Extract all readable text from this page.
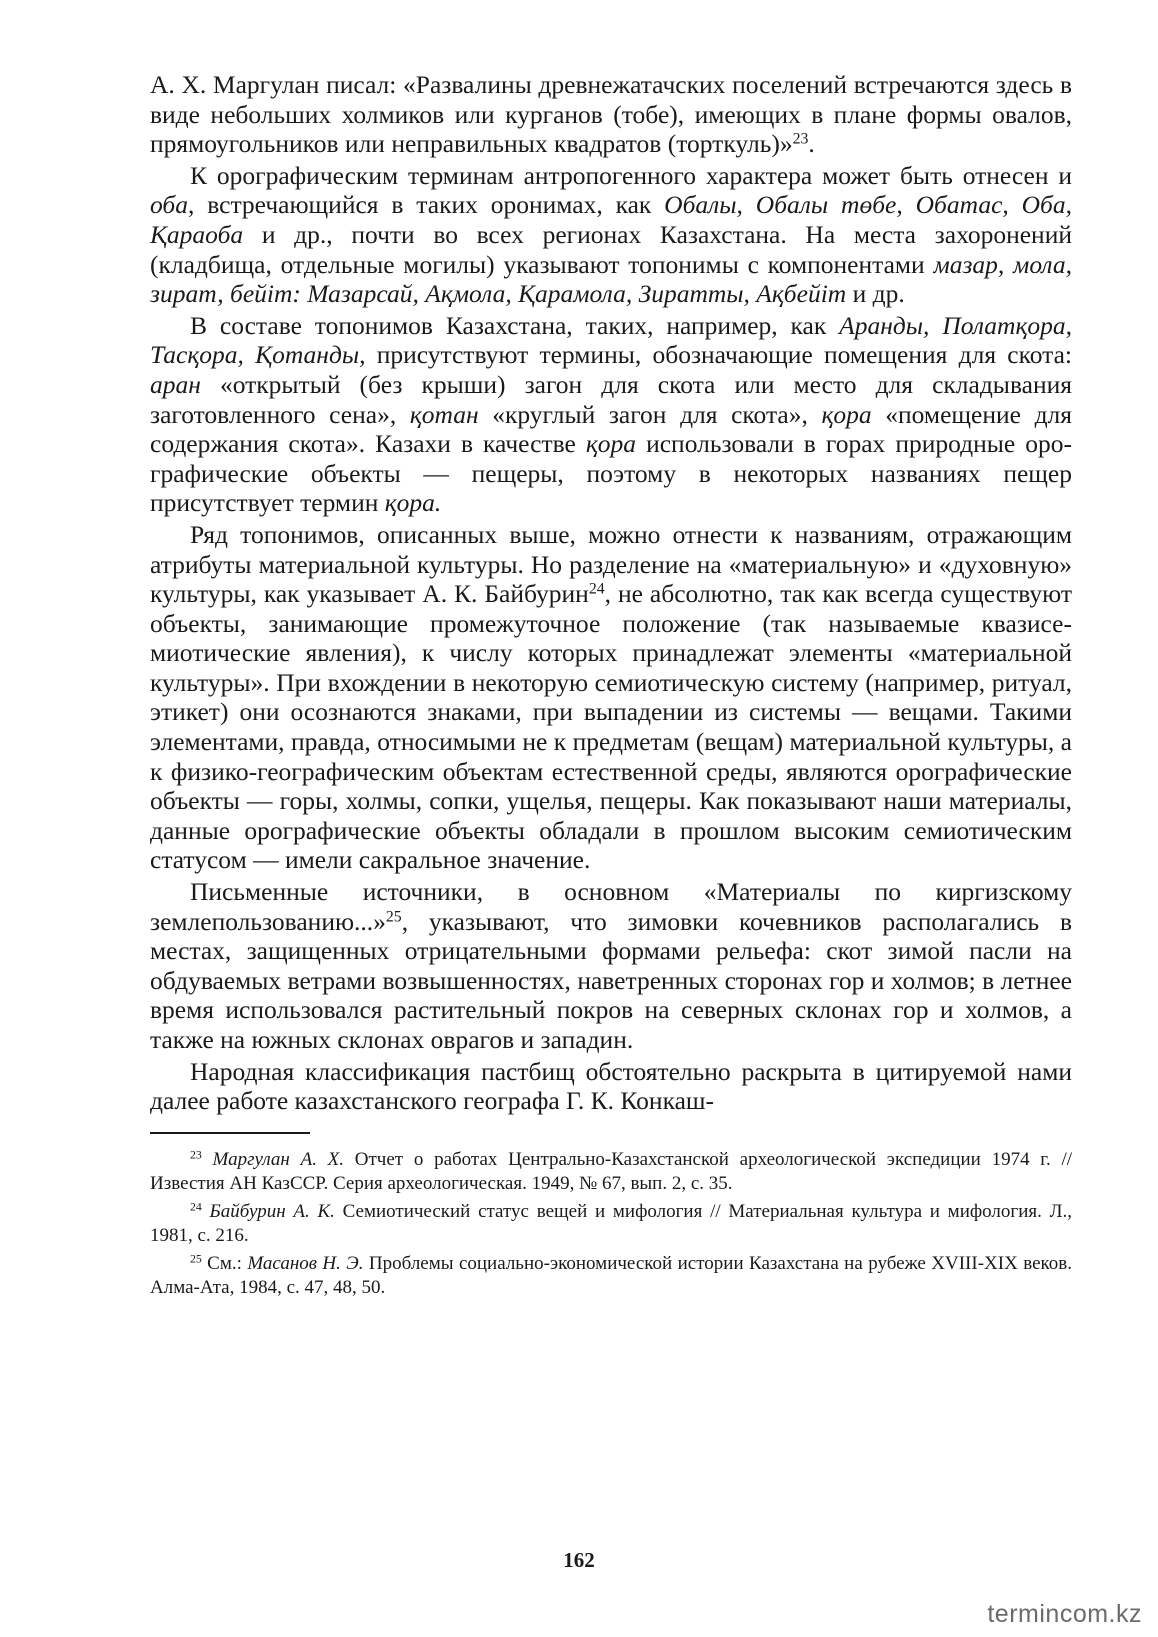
А. Х. Маргулан писал: «Развалины древнежатачских поселений встречаются здесь в виде небольших холмиков или курганов (тобе), имеющих в плане формы овалов, прямоугольников или неправильных квадратов (торткуль)»$^{23}$.

К орографическим терминам антропогенного характера может быть отнесен и оба, встречающийся в таких оронимах, как Обалы, Обалы төбе, Обатас, Оба, Қараоба и др., почти во всех регионах Казахстана. На места захоронений (кладбища, отдельные могилы) указывают топонимы с компонентами мазар, мола, зират, бейiт: Мазарсай, Ақмола, Қарамола, Зиратты, Ақбейiт и др.

В составе топонимов Казахстана, таких, например, как Аранды, Полатқора, Тасқора, Қотанды, присутствуют термины, обозначающие помещения для скота: аран «открытый (без крыши) загон для скота или место для складывания заготовленного сена», қотан «круглый загон для скота», қора «помещение для содержания скота». Казахи в качестве қора использовали в горах природные орографические объекты — пещеры, поэтому в некоторых названиях пещер присутствует термин қора.

Ряд топонимов, описанных выше, можно отнести к названиям, отражающим атрибуты материальной культуры. Но разделение на «материальную» и «духовную» культуры, как указывает А. К. Байбурин$^{24}$, не абсолютно, так как всегда существуют объекты, занимающие промежуточное положение (так называемые квазисемиотические явления), к числу которых принадлежат элементы «материальной культуры». При вхождении в некоторую семиотическую систему (например, ритуал, этикет) они осознаются знаками, при выпадении из системы — вещами. Такими элементами, правда, относимыми не к предметам (вещам) материальной культуры, а к физико-географическим объектам естественной среды, являются орографические объекты — горы, холмы, сопки, ущелья, пещеры. Как показывают наши материалы, данные орографические объекты обладали в прошлом высоким семиотическим статусом — имели сакральное значение.

Письменные источники, в основном «Материалы по киргизскому землепользованию...»$^{25}$, указывают, что зимовки кочевников располагались в местах, защищенных отрицательными формами рельефа: скот зимой пасли на обдуваемых ветрами возвышенностях, наветренных сторонах гор и холмов; в летнее время использовался растительный покров на северных склонах гор и холмов, а также на южных склонах оврагов и западин.

Народная классификация пастбищ обстоятельно раскрыта в цитируемой нами далее работе казахстанского географа Г. К. Конкаш-

$^{23}$ Маргулан А. Х. Отчет о работах Центрально-Казахстанской археологической экспедиции 1974 г. // Известия АН КазССР. Серия археологическая. 1949, № 67, вып. 2, с. 35.

$^{24}$ Байбурин А. К. Семиотический статус вещей и мифология // Материальная культура и мифология. Л., 1981, с. 216.

$^{25}$ См.: Масанов Н. Э. Проблемы социально-экономической истории Казахстана на рубеже XVIII-XIX веков. Алма-Ата, 1984, с. 47, 48, 50.

162
termincom.kz
